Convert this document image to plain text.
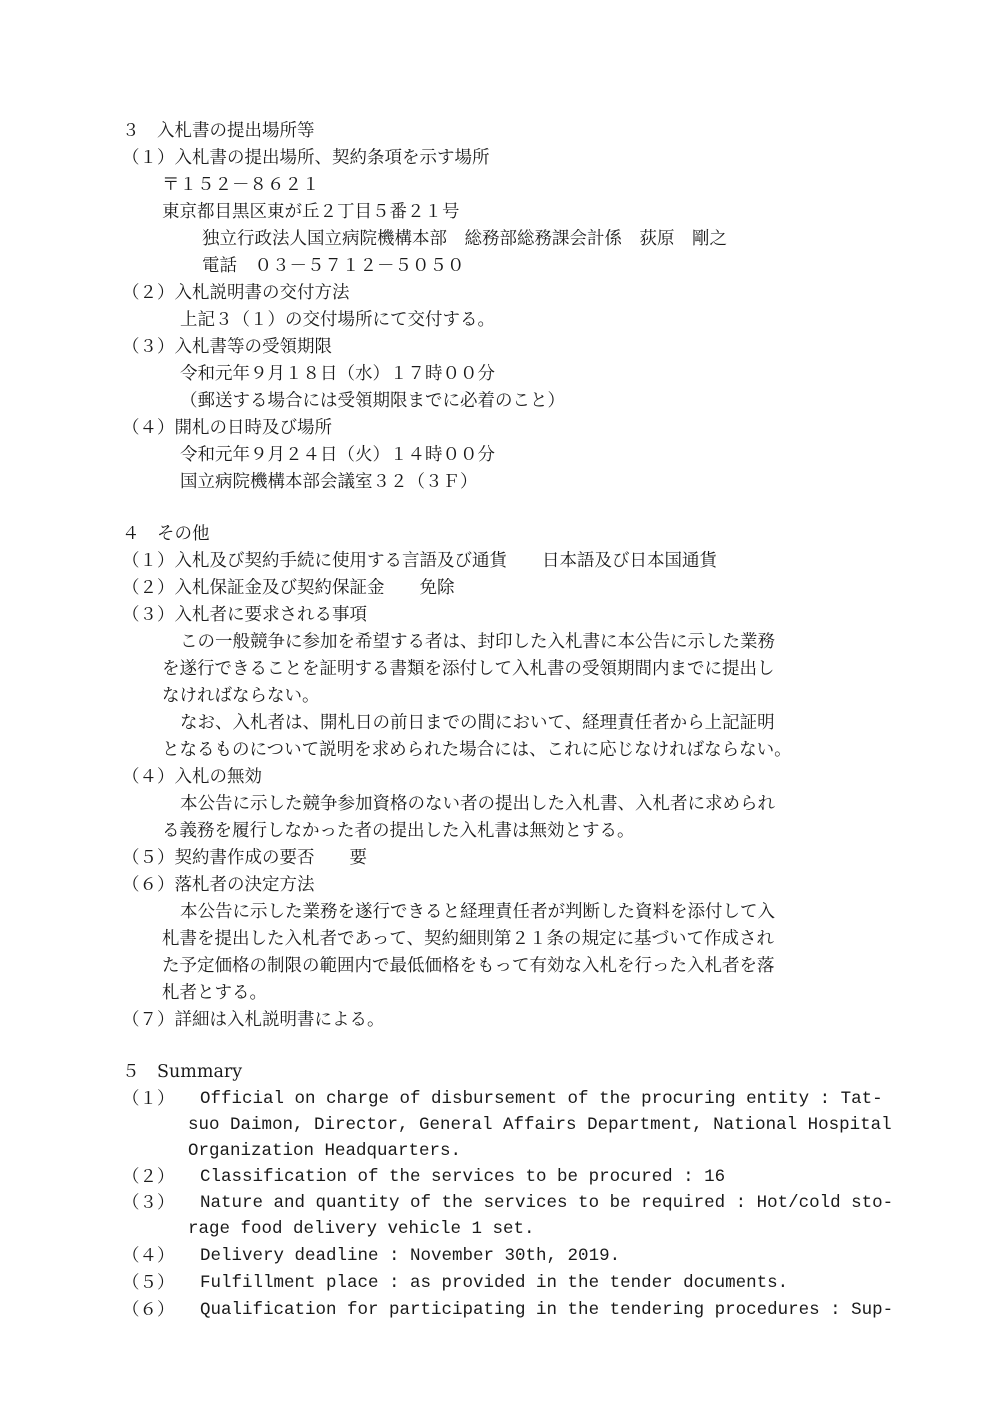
３　入札書の提出場所等
（１）入札書の提出場所、契約条項を示す場所
〒１５２－８６２１
東京都目黒区東が丘２丁目５番２１号
独立行政法人国立病院機構本部　総務部総務課会計係　荻原　剛之
電話　０３－５７１２－５０５０
（２）入札説明書の交付方法
上記３（１）の交付場所にて交付する。
（３）入札書等の受領期限
令和元年９月１８日（水）１７時００分
（郵送する場合には受領期限までに必着のこと）
（４）開札の日時及び場所
令和元年９月２４日（火）１４時００分
国立病院機構本部会議室３２（３Ｆ）
４　その他
（１）入札及び契約手続に使用する言語及び通貨　　日本語及び日本国通貨
（２）入札保証金及び契約保証金　　免除
（３）入札者に要求される事項
この一般競争に参加を希望する者は、封印した入札書に本公告に示した業務
を遂行できることを証明する書類を添付して入札書の受領期間内までに提出し
なければならない。
なお、入札者は、開札日の前日までの間において、経理責任者から上記証明
となるものについて説明を求められた場合には、これに応じなければならない。
（４）入札の無効
本公告に示した競争参加資格のない者の提出した入札書、入札者に求められ
る義務を履行しなかった者の提出した入札書は無効とする。
（５）契約書作成の要否　　要
（６）落札者の決定方法
本公告に示した業務を遂行できると経理責任者が判断した資料を添付して入
札書を提出した入札者であって、契約細則第２１条の規定に基づいて作成され
た予定価格の制限の範囲内で最低価格をもって有効な入札を行った入札者を落
札者とする。
（７）詳細は入札説明書による。
５　Summary
（１） Official on charge of disbursement of the procuring entity : Tat-
suo Daimon, Director, General Affairs Department, National Hospital
Organization Headquarters.
（２） Classification of the services to be procured : 16
（３） Nature and quantity of the services to be required : Hot/cold sto-
rage food delivery vehicle 1 set.
（４） Delivery deadline : November 30th, 2019.
（５） Fulfillment place : as provided in the tender documents.
（６） Qualification for participating in the tendering procedures : Sup-
